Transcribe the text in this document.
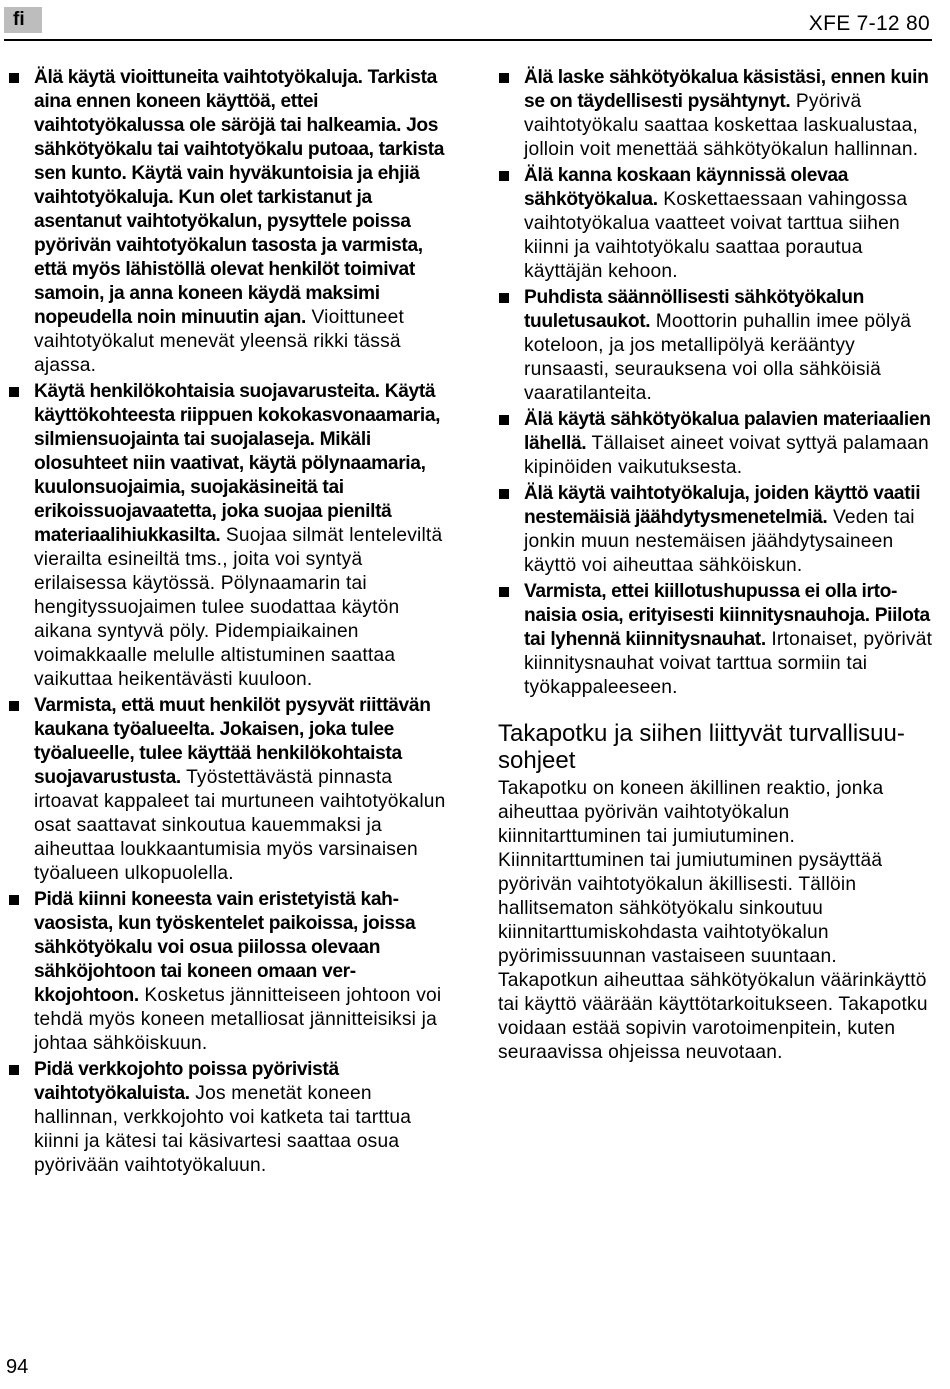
fi	XFE 7-12 80
Älä käytä vioittuneita vaihtotyökaluja. Tarkista aina ennen koneen käyttöä, ettei vaihtotyökalussa ole säröjä tai halkeamia. Jos sähkötyökalu tai vaihtotyökalu putoaa, tarkista sen kunto. Käytä vain hyväkuntoisia ja ehjiä vaihtotyökaluja. Kun olet tarkistanut ja asentanut vaihtotyökalun, pysyttele poissa pyörivän vaihtotyökalun tasosta ja varmista, että myös lähistöllä olevat henkilöt toimivat samoin, ja anna koneen käydä maksimi nopeudella noin minuutin ajan. Vioittuneet vaihtotyökalut menevät yleensä rikki tässä ajassa.
Käytä henkilökohtaisia suojavarusteita. Käytä käyttökohteesta riippuen kokokasvonaamaria, silmiensuojainta tai suojalaseja. Mikäli olosuhteet niin vaativat, käytä pölynaamaria, kuulonsuojaimia, suojakäsineitä tai erikoissuojavaatetta, joka suojaa pieniltä materiaalihiukkasilta. Suojaa silmät lenteleviltä vierailta esineiltä tms., joita voi syntyä erilaisessa käytössä. Pölynaamarin tai hengityssuojaimen tulee suodattaa käytön aikana syntyvä pöly. Pidempiaikainen voimakkaalle melulle altistuminen saattaa vaikuttaa heikentävästi kuuloon.
Varmista, että muut henkilöt pysyvät riittävän kaukana työalueelta. Jokaisen, joka tulee työalueelle, tulee käyttää henkilökohtaista suojavarustusta. Työstettävästä pinnasta irtoavat kappaleet tai murtuneen vaihtotyökalun osat saattavat sinkoutua kauemmaksi ja aiheuttaa loukkaantumisia myös varsinaisen työalueen ulkopuolella.
Pidä kiinni koneesta vain eristetyistä kahvaosista, kun työskentelet paikoissa, joissa sähkötyökalu voi osua piilossa olevaan sähköjohtoon tai koneen omaan verkkojohtoon. Kosketus jännitteiseen johtoon voi tehdä myös koneen metalliosat jännitteisiksi ja johtaa sähköiskuun.
Pidä verkkojohto poissa pyörivistä vaihtotyökaluista. Jos menetät koneen hallinnan, verkkojohto voi katketa tai tarttua kiinni ja kätesi tai käsivartesi saattaa osua pyörivään vaihtotyökaluun.
Älä laske sähkötyökalua käsistäsi, ennen kuin se on täydellisesti pysähtynyt. Pyörivä vaihtotyökalu saattaa koskettaa laskualustaa, jolloin voit menettää sähkötyökalun hallinnan.
Älä kanna koskaan käynnissä olevaa sähkötyökalua. Koskettaessaan vahingossa vaihtotyökalua vaatteet voivat tarttua siihen kiinni ja vaihtotyökalu saattaa porautua käyttäjän kehoon.
Puhdista säännöllisesti sähkötyökalun tuuletusaukot. Moottorin puhallin imee pölyä koteloon, ja jos metallipölyä kerääntyy runsaasti, seurauksena voi olla sähköisiä vaaratilanteita.
Älä käytä sähkötyökalua palavien materiaalien lähellä. Tällaiset aineet voivat syttyä palamaan kipinöiden vaikutuksesta.
Älä käytä vaihtotyökaluja, joiden käyttö vaatii nestemäisiä jäähdytysmenetelmiä. Veden tai jonkin muun nestemäisen jäähdytysaineen käyttö voi aiheuttaa sähköiskun.
Varmista, ettei kiillotushupussa ei olla irtonaisia osia, erityisesti kiinnitysnauhoja. Piilota tai lyhennä kiinnitysnauhat. Irtonaiset, pyörivät kiinnitysnauhat voivat tarttua sormiin tai työkappaleeseen.
Takapotku ja siihen liittyvät turvallisuusohjeet

Takapotku on koneen äkillinen reaktio, jonka aiheuttaa pyörivän vaihtotyökalun kiinnitarttuminen tai jumiutuminen. Kiinnitarttuminen tai jumiutuminen pysäyttää pyörivän vaihtotyökalun äkillisesti. Tällöin hallitsematon sähkötyökalu sinkoutuu kiinnitarttumiskohdasta vaihtotyökalun pyörimissuunnan vastaiseen suuntaan. Takapotkun aiheuttaa sähkötyökalun väärinkäyttö tai käyttö väärään käyttötarkoitukseen. Takapotku voidaan estää sopivin varotoimenpitein, kuten seuraavissa ohjeissa neuvotaan.

94
